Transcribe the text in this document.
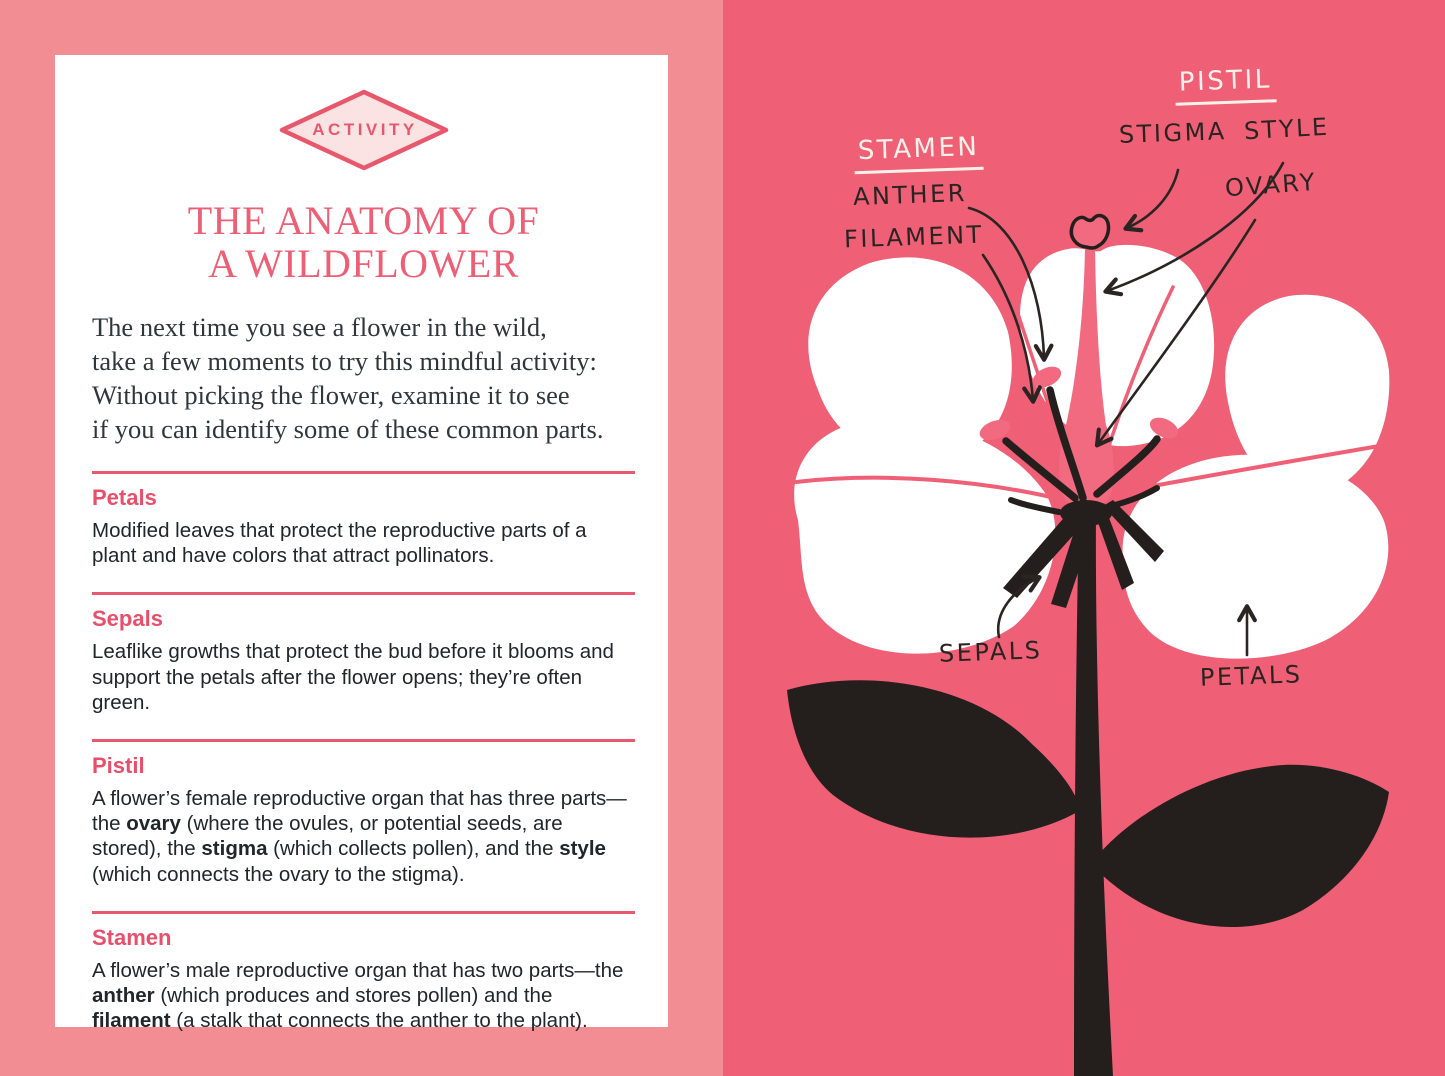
ACTIVITY
THE ANATOMY OF
A WILDFLOWER
The next time you see a flower in the wild,
take a few moments to try this mindful activity:
Without picking the flower, examine it to see
if you can identify some of these common parts.
Petals

Modified leaves that protect the reproductive parts of a plant and have colors that attract pollinators.

Sepals

Leaflike growths that protect the bud before it blooms and support the petals after the flower opens; they’re often green.

Pistil

A flower’s female reproductive organ that has three parts—the ovary (where the ovules, or potential seeds, are stored), the stigma (which collects pollen), and the style (which connects the ovary to the stigma).

Stamen

A flower’s male reproductive organ that has two parts—the anther (which produces and stores pollen) and the filament (a stalk that connects the anther to the plant).

PISTIL
STIGMA STYLE
OVARY
STAMEN
ANTHER
FILAMENT
SEPALS
PETALS
